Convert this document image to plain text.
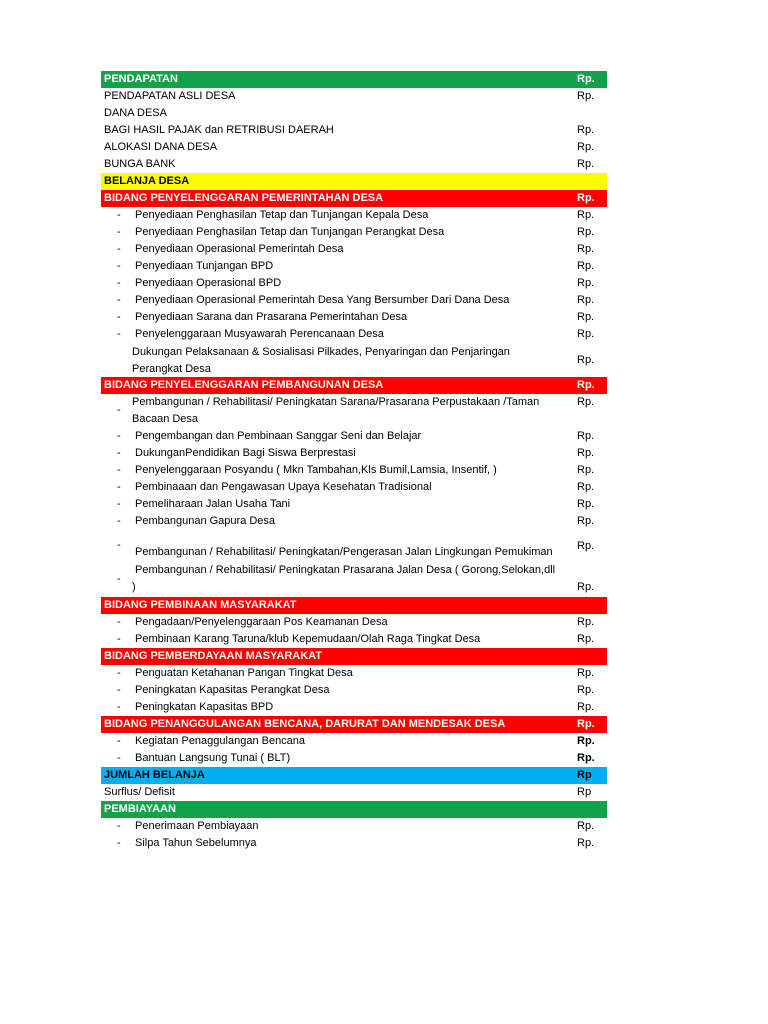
PENDAPATAN	Rp.
PENDAPATAN ASLI DESA	Rp.
DANA DESA
BAGI HASIL PAJAK dan RETRIBUSI DAERAH	Rp.
ALOKASI DANA DESA	Rp.
BUNGA BANK	Rp.
BELANJA DESA
BIDANG PENYELENGGARAN PEMERINTAHAN DESA	Rp.
- Penyediaan Penghasilan Tetap dan Tunjangan Kepala Desa	Rp.
- Penyediaan Penghasilan Tetap dan Tunjangan Perangkat Desa	Rp.
- Penyediaan Operasional Pemerintah Desa	Rp.
- Penyediaan Tunjangan BPD	Rp.
- Penyediaan Operasional BPD	Rp.
- Penyediaan Operasional Pemerintah Desa Yang Bersumber Dari Dana Desa	Rp.
- Penyediaan Sarana dan Prasarana Pemerintahan Desa	Rp.
- Penyelenggaraan Musyawarah Perencanaan Desa	Rp.
Dukungan Pelaksanaan & Sosialisasi Pilkades, Penyaringan dan Penjaringan
Perangkat Desa
Rp.
BIDANG PENYELENGGARAN PEMBANGUNAN DESA	Rp.
-
Pembangunan / Rehabilitasi/ Peningkatan Sarana/Prasarana Perpustakaan /Taman
Bacaan Desa
Rp.
- Pengembangan dan Pembinaan Sanggar Seni dan Belajar	Rp.
- DukunganPendidikan Bagi Siswa Berprestasi	Rp.
- Penyelenggaraan Posyandu ( Mkn Tambahan,Kls Bumil,Lamsia, Insentif, )	Rp.
- Pembinaaan dan Pengawasan Upaya Kesehatan Tradisional	Rp.
- Pemeliharaan Jalan Usaha Tani	Rp.
- Pembangunan Gapura Desa	Rp.
-
Pembangunan / Rehabilitasi/ Peningkatan/Pengerasan Jalan Lingkungan Pemukiman	Rp.
-
Pembangunan / Rehabilitasi/ Peningkatan Prasarana Jalan Desa ( Gorong,Selokan,dll
)	Rp.
BIDANG PEMBINAAN MASYARAKAT
- Pengadaan/Penyelenggaraan Pos Keamanan Desa	Rp.
- Pembinaan Karang Taruna/klub Kepemudaan/Olah Raga Tingkat Desa	Rp.
BIDANG PEMBERDAYAAN MASYARAKAT
- Penguatan Ketahanan Pangan Tingkat Desa	Rp.
- Peningkatan Kapasitas Perangkat Desa	Rp.
- Peningkatan Kapasitas BPD	Rp.
BIDANG PENANGGULANGAN BENCANA, DARURAT DAN MENDESAK DESA	Rp.
- Kegiatan Penaggulangan Bencana	Rp.
- Bantuan Langsung Tunai ( BLT)	Rp.
JUMLAH BELANJA	Rp
Surflus/ Defisit	Rp
PEMBIAYAAN
- Penerimaan Pembiayaan	Rp.
- Silpa Tahun Sebelumnya	Rp.
